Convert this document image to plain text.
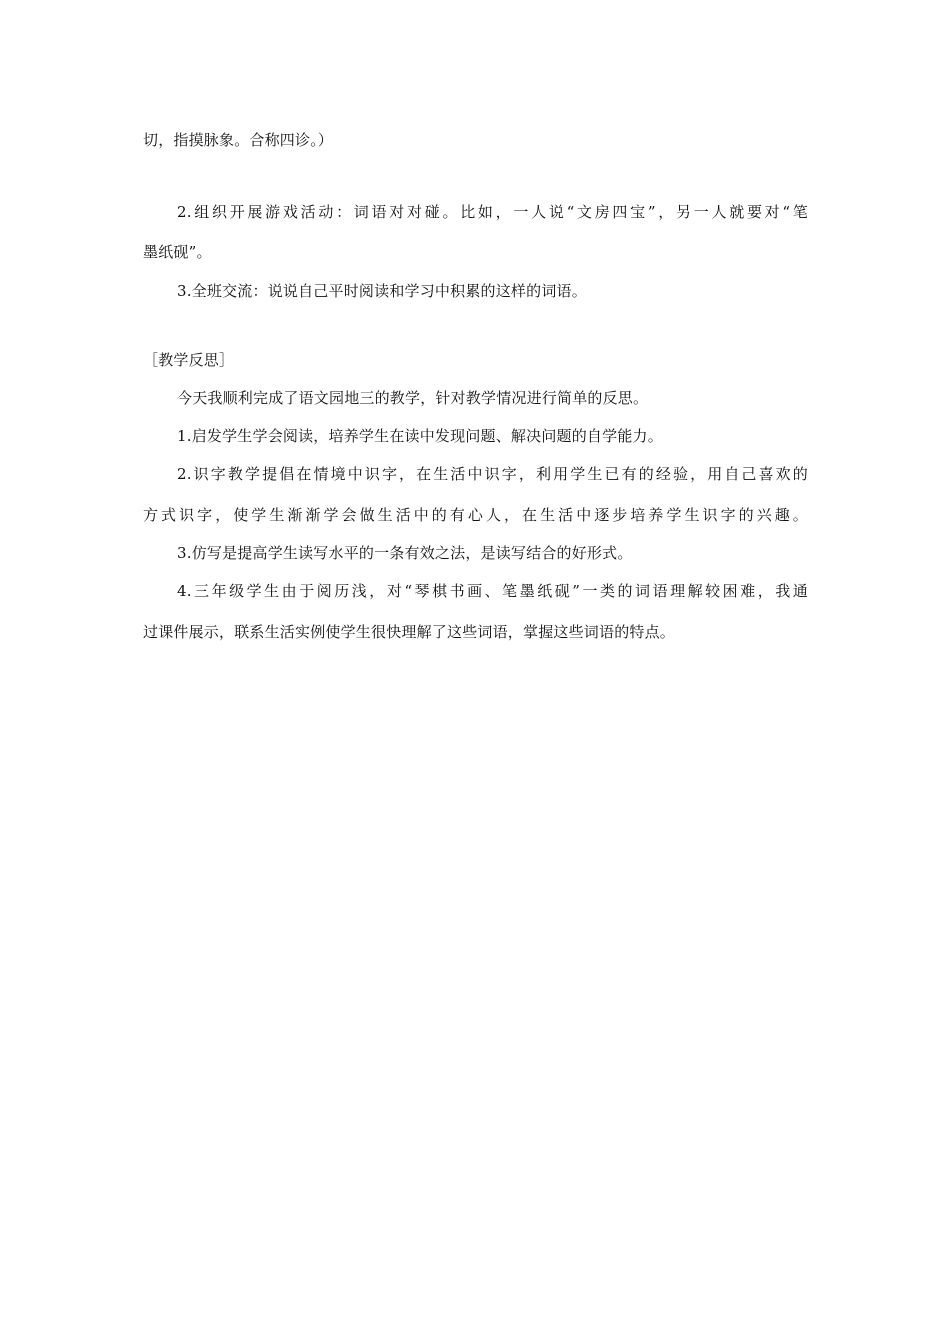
切，指摸脉象。合称四诊。）
2.组织开展游戏活动：词语对对碰。比如，一人说“文房四宝”，另一人就要对“笔
墨纸砚”。
3.全班交流：说说自己平时阅读和学习中积累的这样的词语。
［教学反思］
今天我顺利完成了语文园地三的教学，针对教学情况进行简单的反思。
1.启发学生学会阅读，培养学生在读中发现问题、解决问题的自学能力。
2.识字教学提倡在情境中识字，在生活中识字，利用学生已有的经验，用自己喜欢的
方式识字，使学生渐渐学会做生活中的有心人，在生活中逐步培养学生识字的兴趣。
3.仿写是提高学生读写水平的一条有效之法，是读写结合的好形式。
4.三年级学生由于阅历浅，对“琴棋书画、笔墨纸砚”一类的词语理解较困难，我通
过课件展示，联系生活实例使学生很快理解了这些词语，掌握这些词语的特点。
